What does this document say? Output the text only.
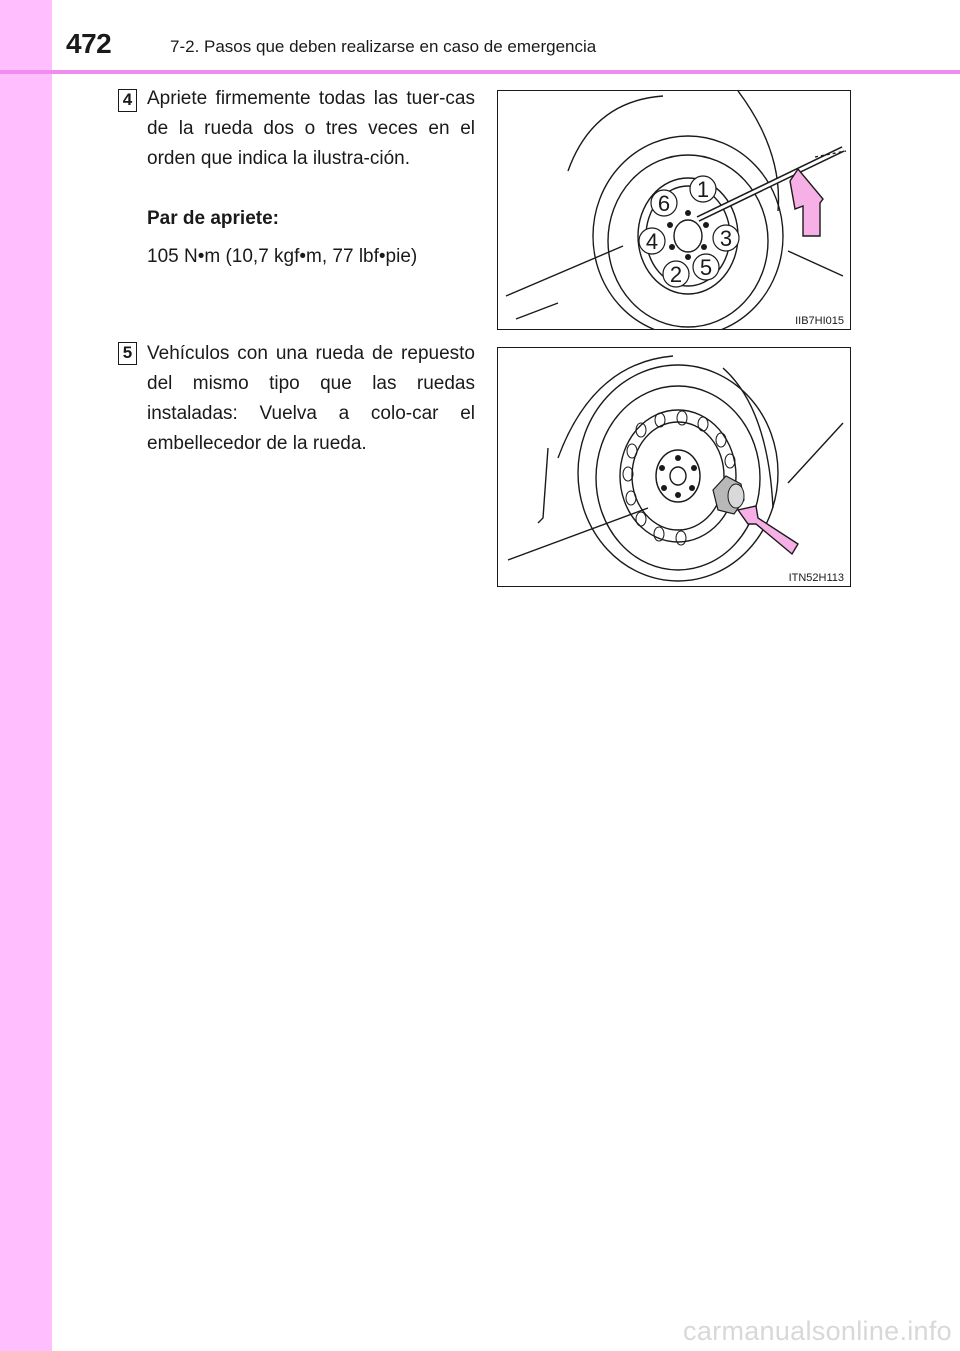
472	7-2. Pasos que deben realizarse en caso de emergencia
4 Apriete firmemente todas las tuer-cas de la rueda dos o tres veces en el orden que indica la ilustra-ción.

Par de apriete:

105 N•m (10,7 kgf•m, 77 lbf•pie)

1
2
3
4
5
6
IIB7HI015
5 Vehículos con una rueda de repuesto del mismo tipo que las ruedas instaladas: Vuelva a colo-car el embellecedor de la rueda.

ITN52H113
carmanualsonline.info
